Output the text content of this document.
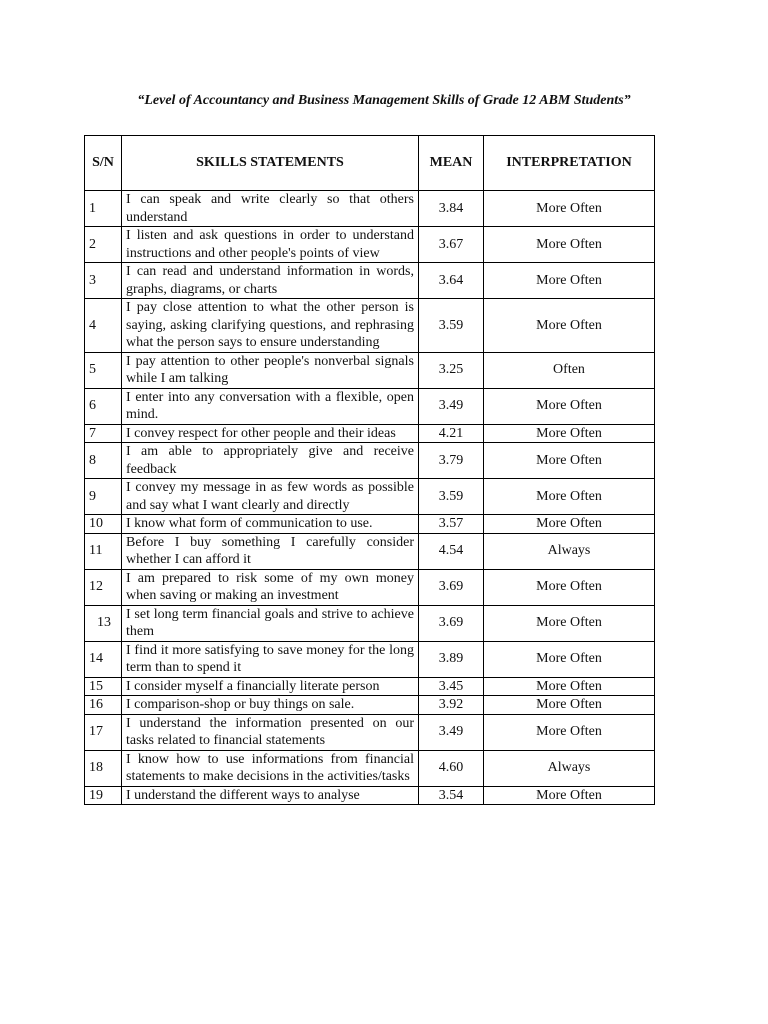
“Level of Accountancy and Business Management Skills of Grade 12 ABM Students”
S/N	SKILLS STATEMENTS	MEAN	INTERPRETATION
1	I can speak and write clearly so that others understand	3.84	More Often
2	I listen and ask questions in order to understand instructions and other people's points of view	3.67	More Often
3	I can read and understand information in words, graphs, diagrams, or charts	3.64	More Often
4	I pay close attention to what the other person is saying, asking clarifying questions, and rephrasing what the person says to ensure understanding	3.59	More Often
5	I pay attention to other people's nonverbal signals while I am talking	3.25	Often
6	I enter into any conversation with a flexible, open mind.	3.49	More Often
7	I convey respect for other people and their ideas	4.21	More Often
8	I am able to appropriately give and receive feedback	3.79	More Often
9	I convey my message in as few words as possible and say what I want clearly and directly	3.59	More Often
10	I know what form of communication to use.	3.57	More Often
11	Before I buy something I carefully consider whether I can afford it	4.54	Always
12	I am prepared to risk some of my own money when saving or making an investment	3.69	More Often
13	I set long term financial goals and strive to achieve them	3.69	More Often
14	I find it more satisfying to save money for the long term than to spend it	3.89	More Often
15	I consider myself a financially literate person	3.45	More Often
16	I comparison-shop or buy things on sale.	3.92	More Often
17	I understand the information presented on our tasks related to financial statements	3.49	More Often
18	I know how to use informations from financial statements to make decisions in the activities/tasks	4.60	Always
19	I understand the different ways to analyse	3.54	More Often
